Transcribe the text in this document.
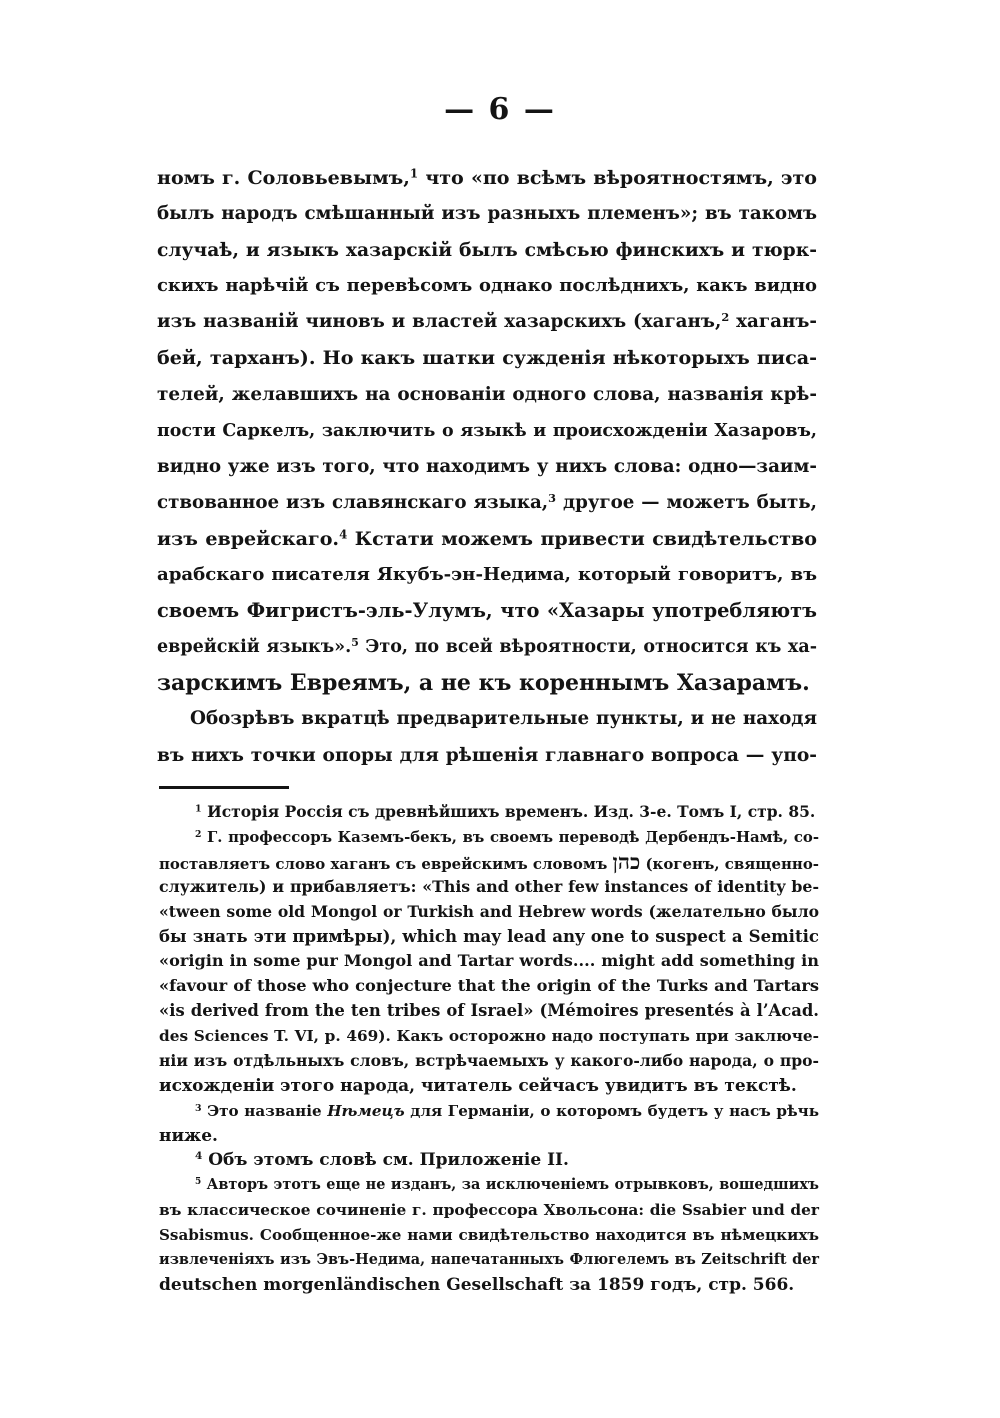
— 6 —
номъ г. Соловьевымъ,$^1$ что «по всѣмъ вѣроятностямъ, это
былъ народъ смѣшанный изъ разныхъ племенъ»; въ такомъ
случаѣ, и языкъ хазарскій былъ смѣсью финскихъ и тюрк-
скихъ нарѣчій съ перевѣсомъ однако послѣднихъ, какъ видно
изъ названій чиновъ и властей хазарскихъ (хаганъ,$^2$ хаганъ-
бей, тарханъ). Но какъ шатки сужденія нѣкоторыхъ писа-
телей, желавшихъ на основаніи одного слова, названія крѣ-
пости Саркелъ, заключить о языкѣ и происхожденіи Хазаровъ,
видно уже изъ того, что находимъ у нихъ слова: одно—заим-
ствованное изъ славянскаго языка,$^3$ другое — можетъ быть,
изъ еврейскаго.$^4$ Кстати можемъ привести свидѣтельство
арабскаго писателя Якубъ-эн-Недима, который говоритъ, въ
своемъ Фигристъ-эль-Улумъ, что «Хазары употребляютъ
еврейскій языкъ».$^5$ Это, по всей вѣроятности, относится къ ха-
зарскимъ Евреямъ, а не къ кореннымъ Хазарамъ.
Обозрѣвъ вкратцѣ предварительные пункты, и не находя
въ нихъ точки опоры для рѣшенія главнаго вопроса — упо-
$^1$ Исторія Россія съ древнѣйшихъ временъ. Изд. 3-е. Томъ I, стр. 85.
$^2$ Г. профессоръ Каземъ-бекъ, въ своемъ переводѣ Дербендъ-Намѣ, со-
поставляетъ слово хаганъ съ еврейскимъ словомъ כהן (когенъ, священно-
служитель) и прибавляетъ: «This and other few instances of identity be-
«tween some old Mongol or Turkish and Hebrew words (желательно было
бы знать эти примѣры), which may lead any one to suspect a Semitic
«origin in some pur Mongol and Tartar words.... might add something in
«favour of those who conjecture that the origin of the Turks and Tartars
«is derived from the ten tribes of Israel» (Mémoires presentés à l’Acad.
des Sciences T. VI, p. 469). Какъ осторожно надо поступать при заключе-
ніи изъ отдѣльныхъ словъ, встрѣчаемыхъ у какого-либо народа, о про-
исхожденіи этого народа, читатель сейчасъ увидитъ въ текстѣ.
$^3$ Это названіе Нѣмецъ для Германіи, о которомъ будетъ у насъ рѣчь
ниже.
$^4$ Объ этомъ словѣ см. Приложеніе II.
$^5$ Авторъ этотъ еще не изданъ, за исключеніемъ отрывковъ, вошедшихъ
въ классическое сочиненіе г. профессора Хвольсона: die Ssabier und der
Ssabismus. Сообщенное-же нами свидѣтельство находится въ нѣмецкихъ
извлеченіяхъ изъ Эвъ-Недима, напечатанныхъ Флюгелемъ въ Zeitschrift der
deutschen morgenländischen Gesellschaft за 1859 годъ, стр. 566.
